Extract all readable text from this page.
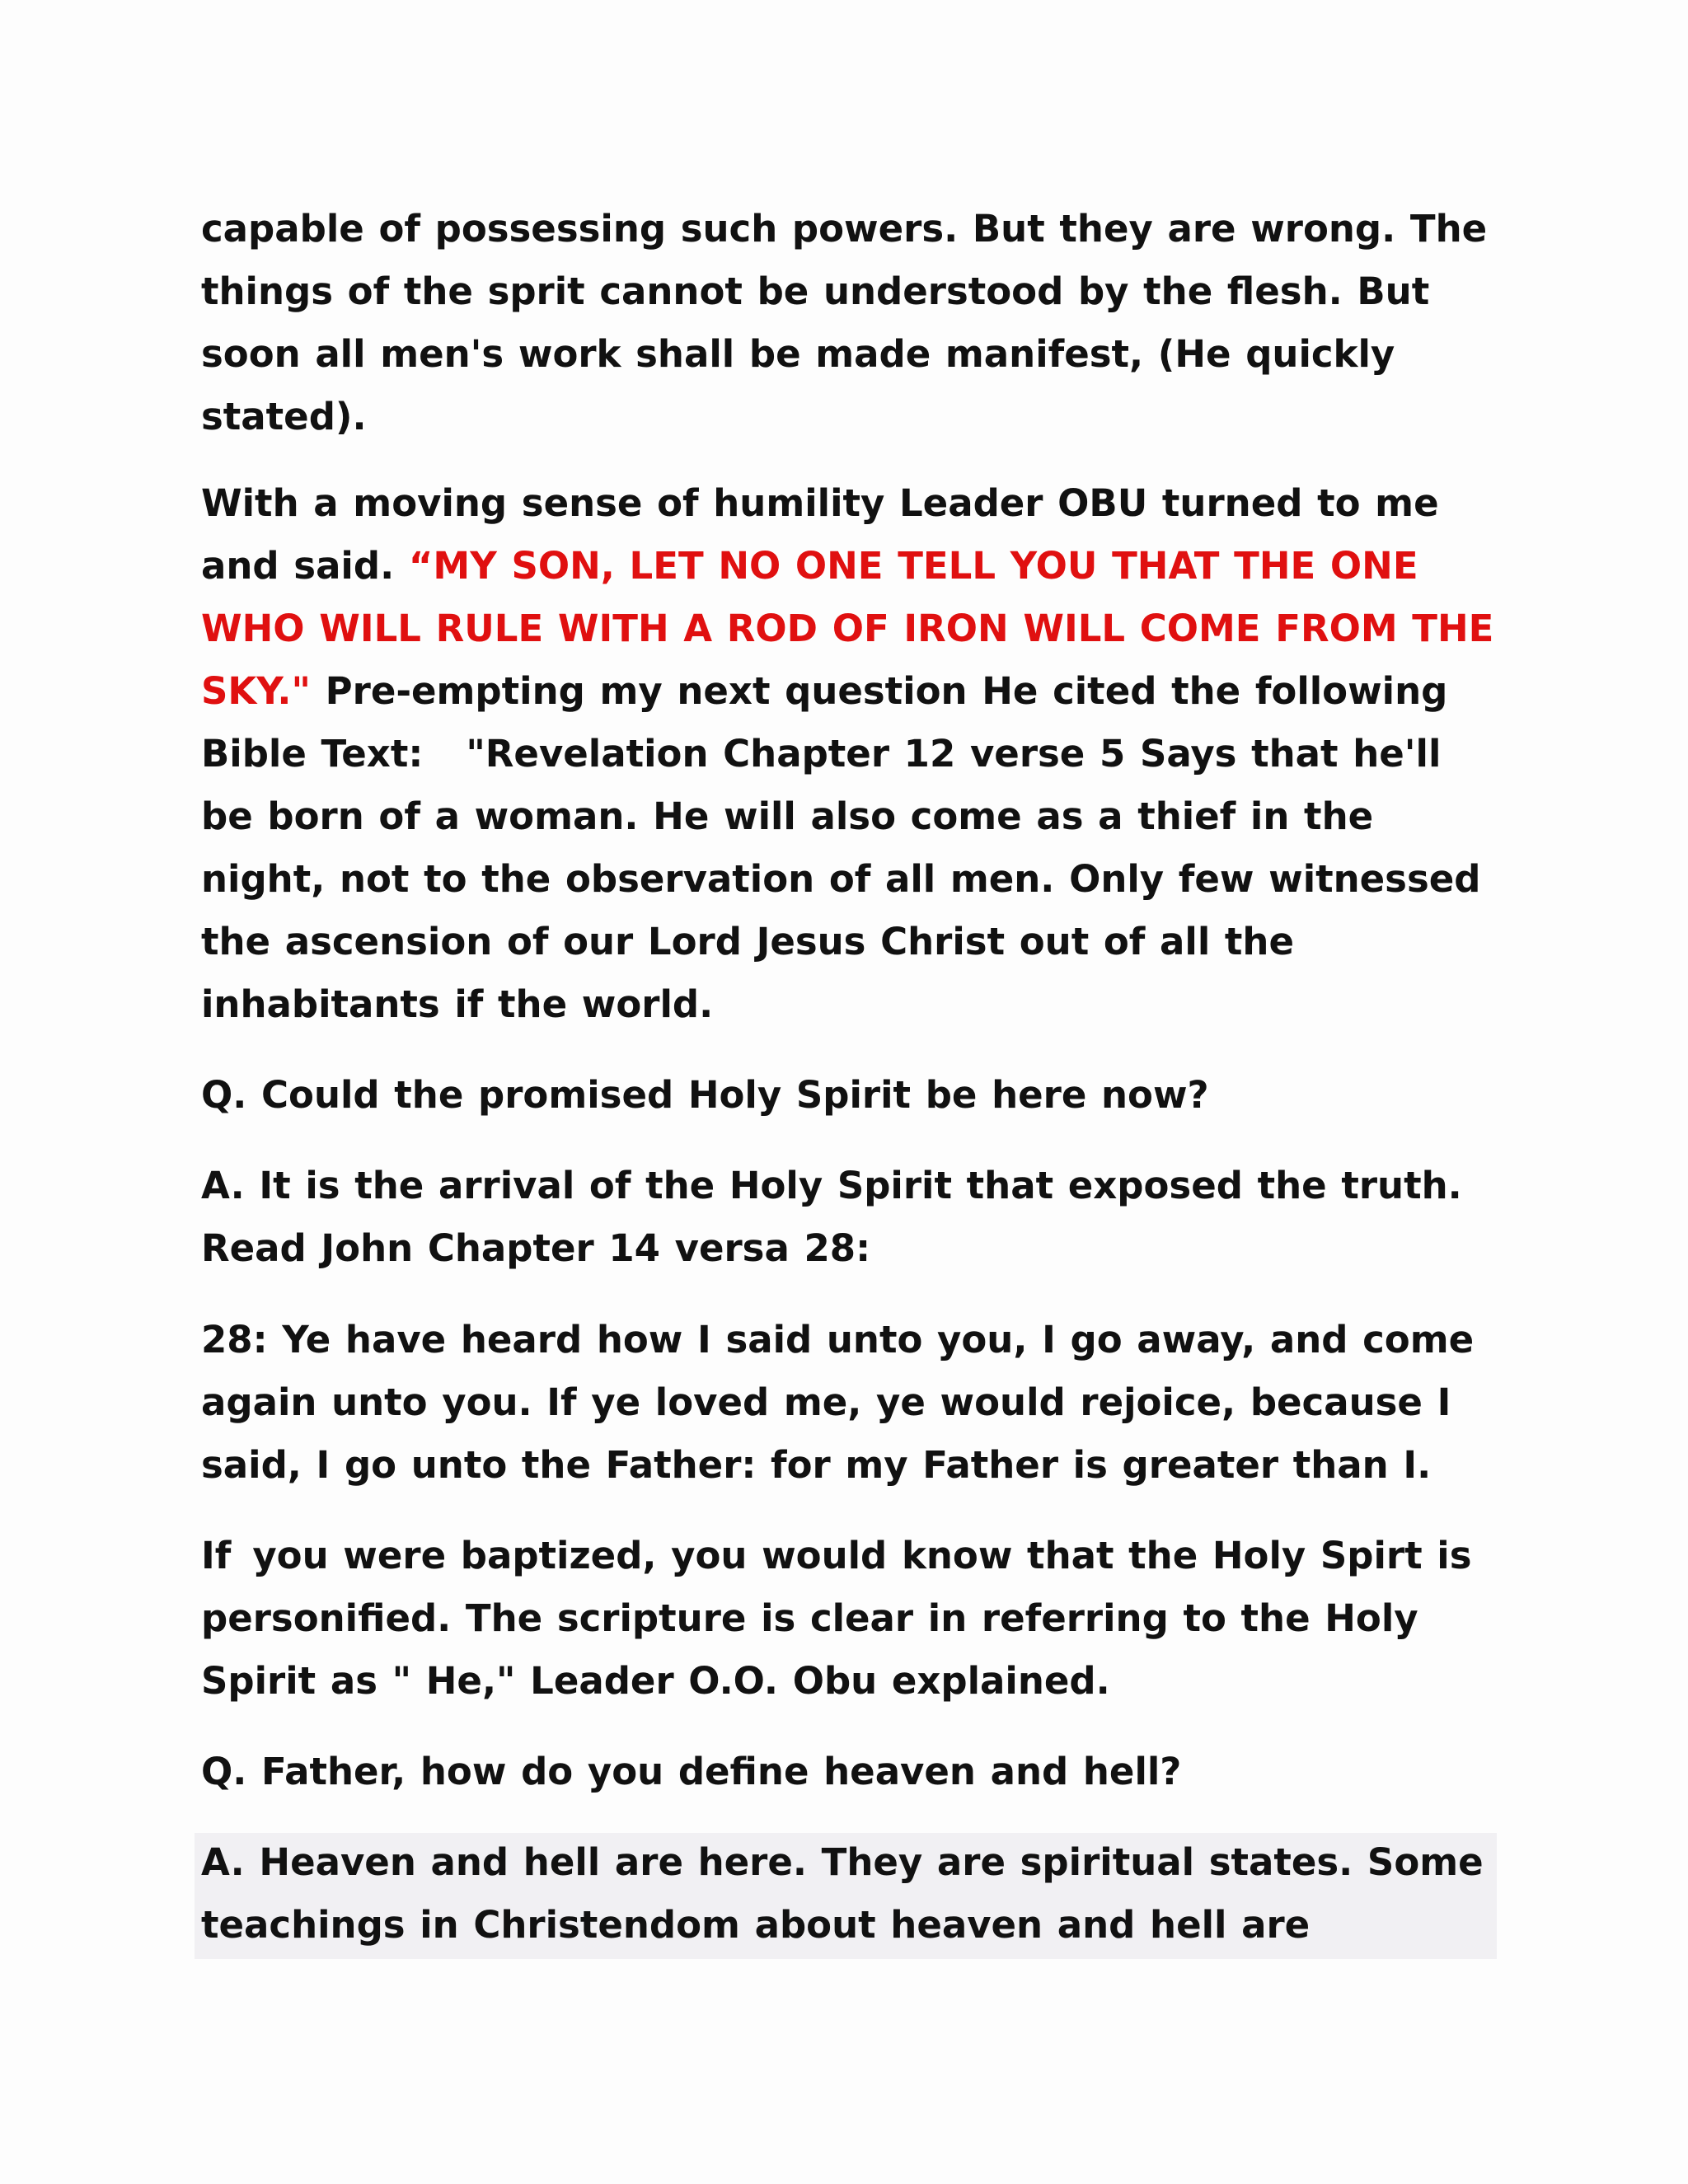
capable of possessing such powers. But they are wrong. The things of the sprit cannot be understood by the flesh. But soon all men's work shall be made manifest, (He quickly stated).
With a moving sense of humility Leader OBU turned to me and said. “MY SON, LET NO ONE TELL YOU THAT THE ONE WHO WILL RULE WITH A ROD OF IRON WILL COME FROM THE SKY." Pre-empting my next question He cited the following Bible Text: "Revelation Chapter 12 verse 5 Says that he'll be born of a woman. He will also come as a thief in the night, not to the observation of all men. Only few witnessed the ascension of our Lord Jesus Christ out of all the inhabitants if the world.
Q. Could the promised Holy Spirit be here now?
A. It is the arrival of the Holy Spirit that exposed the truth. Read John Chapter 14 versa 28:
28: Ye have heard how I said unto you, I go away, and come again unto you. If ye loved me, ye would rejoice, because I said, I go unto the Father: for my Father is greater than I.
If you were baptized, you would know that the Holy Spirt is personified. The scripture is clear in referring to the Holy Spirit as " He," Leader O.O. Obu explained.
Q. Father, how do you define heaven and hell?
A. Heaven and hell are here. They are spiritual states. Some teachings in Christendom about heaven and hell are
